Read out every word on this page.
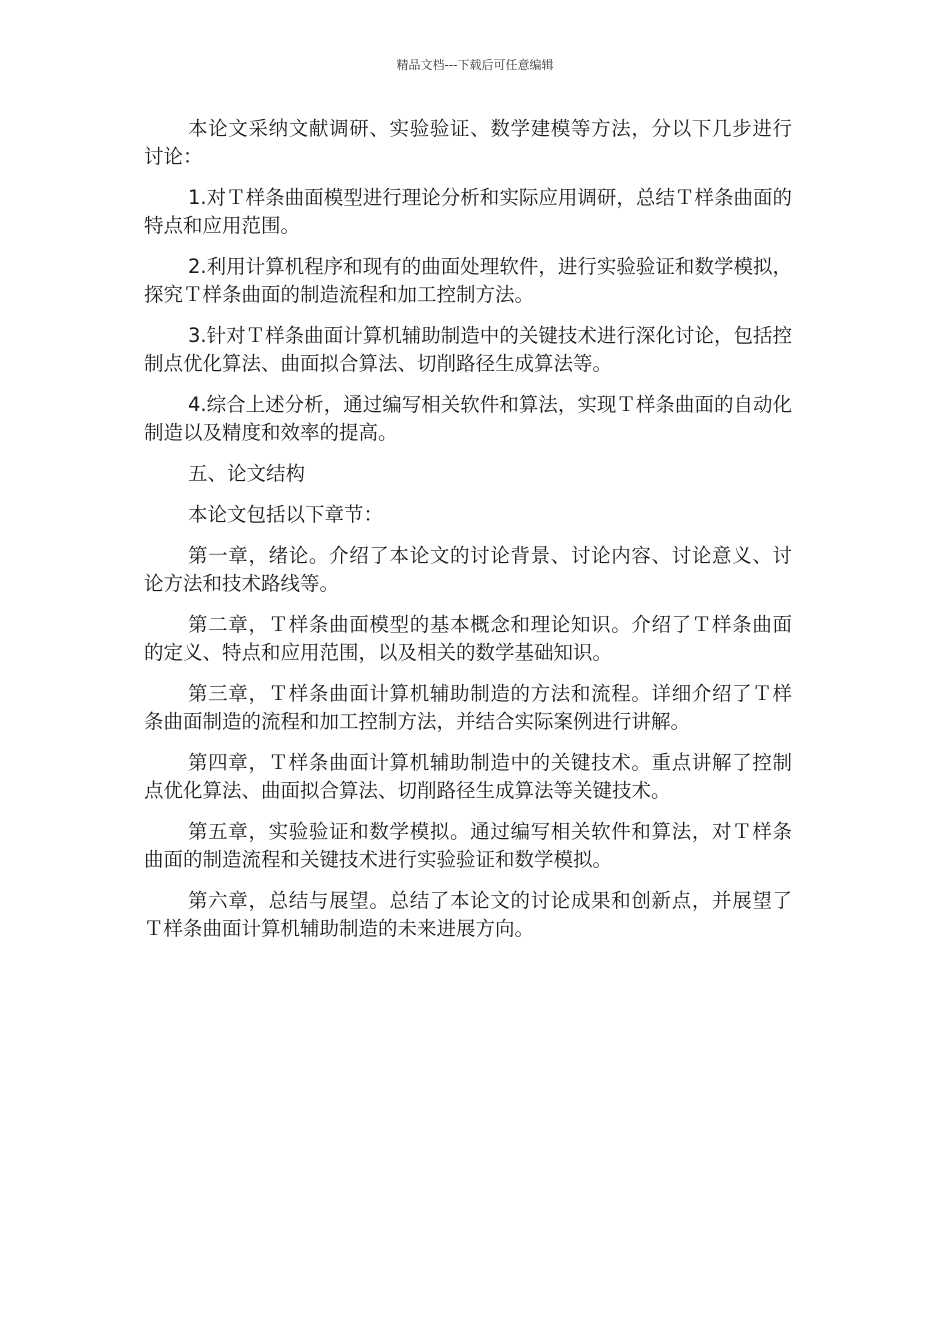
精品文档---下载后可任意编辑

本论文采纳文献调研、实验验证、数学建模等方法，分以下几步进行讨论：

1.对Ｔ样条曲面模型进行理论分析和实际应用调研，总结Ｔ样条曲面的特点和应用范围。

2.利用计算机程序和现有的曲面处理软件，进行实验验证和数学模拟，探究Ｔ样条曲面的制造流程和加工控制方法。

3.针对Ｔ样条曲面计算机辅助制造中的关键技术进行深化讨论，包括控制点优化算法、曲面拟合算法、切削路径生成算法等。

4.综合上述分析，通过编写相关软件和算法，实现Ｔ样条曲面的自动化制造以及精度和效率的提高。

五、论文结构

本论文包括以下章节：

第一章，绪论。介绍了本论文的讨论背景、讨论内容、讨论意义、讨论方法和技术路线等。

第二章，Ｔ样条曲面模型的基本概念和理论知识。介绍了Ｔ样条曲面的定义、特点和应用范围，以及相关的数学基础知识。

第三章，Ｔ样条曲面计算机辅助制造的方法和流程。详细介绍了Ｔ样条曲面制造的流程和加工控制方法，并结合实际案例进行讲解。

第四章，Ｔ样条曲面计算机辅助制造中的关键技术。重点讲解了控制点优化算法、曲面拟合算法、切削路径生成算法等关键技术。

第五章，实验验证和数学模拟。通过编写相关软件和算法，对Ｔ样条曲面的制造流程和关键技术进行实验验证和数学模拟。

第六章，总结与展望。总结了本论文的讨论成果和创新点，并展望了Ｔ样条曲面计算机辅助制造的未来进展方向。
